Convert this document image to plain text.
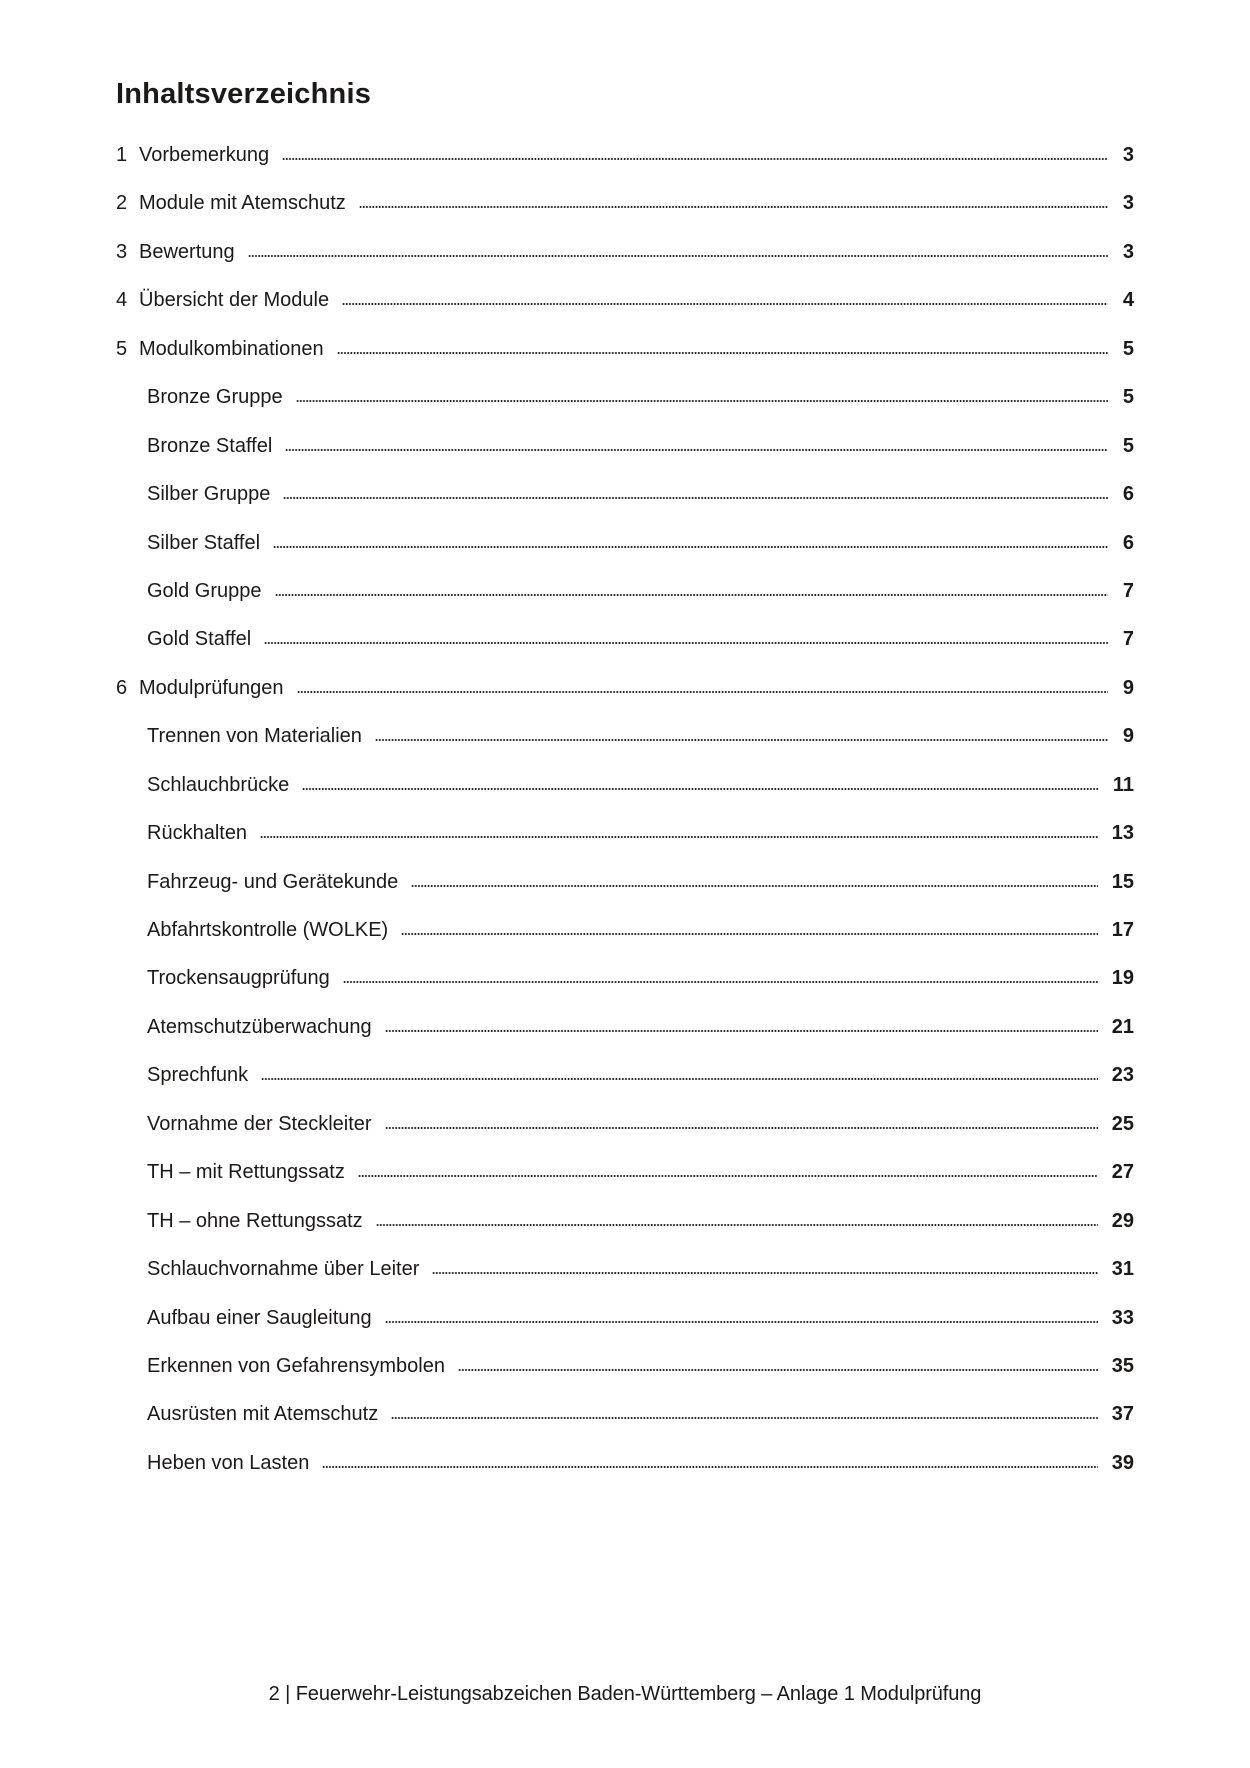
Inhaltsverzeichnis
1 Vorbemerkung	3
2 Module mit Atemschutz	3
3 Bewertung	3
4 Übersicht der Module	4
5 Modulkombinationen	5
Bronze Gruppe	5
Bronze Staffel	5
Silber Gruppe	6
Silber Staffel	6
Gold Gruppe	7
Gold Staffel	7
6 Modulprüfungen	9
Trennen von Materialien	9
Schlauchbrücke	11
Rückhalten	13
Fahrzeug- und Gerätekunde	15
Abfahrtskontrolle (WOLKE)	17
Trockensaugprüfung	19
Atemschutzüberwachung	21
Sprechfunk	23
Vornahme der Steckleiter	25
TH – mit Rettungssatz	27
TH – ohne Rettungssatz	29
Schlauchvornahme über Leiter	31
Aufbau einer Saugleitung	33
Erkennen von Gefahrensymbolen	35
Ausrüsten mit Atemschutz	37
Heben von Lasten	39
2 | Feuerwehr-Leistungsabzeichen Baden-Württemberg – Anlage 1 Modulprüfung
